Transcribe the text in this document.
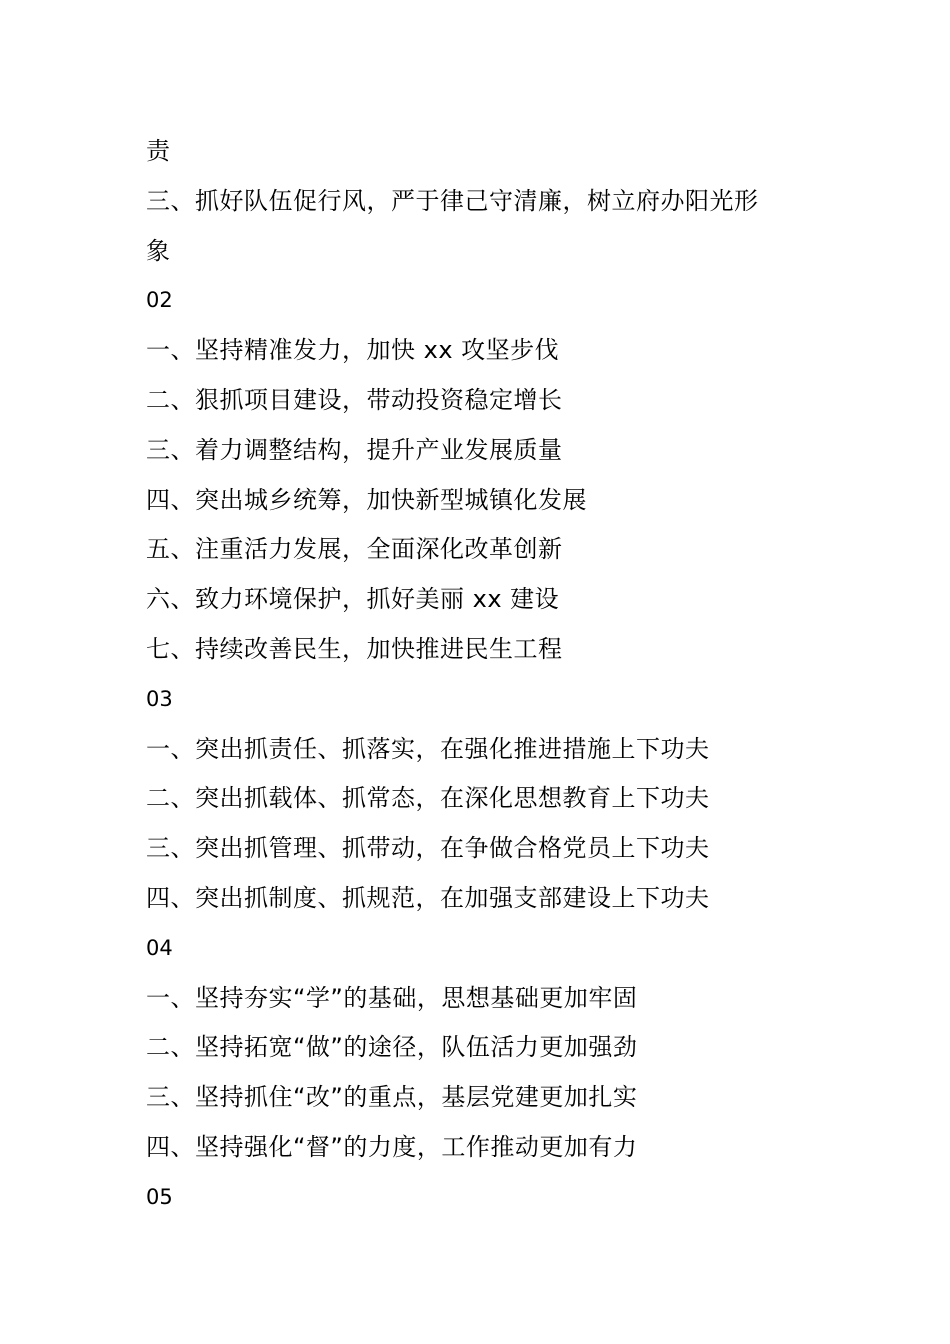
责
三、抓好队伍促行风，严于律己守清廉，树立府办阳光形
象
02
一、坚持精准发力，加快 xx 攻坚步伐
二、狠抓项目建设，带动投资稳定增长
三、着力调整结构，提升产业发展质量
四、突出城乡统筹，加快新型城镇化发展
五、注重活力发展，全面深化改革创新
六、致力环境保护，抓好美丽 xx 建设
七、持续改善民生，加快推进民生工程
03
一、突出抓责任、抓落实，在强化推进措施上下功夫
二、突出抓载体、抓常态，在深化思想教育上下功夫
三、突出抓管理、抓带动，在争做合格党员上下功夫
四、突出抓制度、抓规范，在加强支部建设上下功夫
04
一、坚持夯实“学”的基础，思想基础更加牢固
二、坚持拓宽“做”的途径，队伍活力更加强劲
三、坚持抓住“改”的重点，基层党建更加扎实
四、坚持强化“督”的力度，工作推动更加有力
05
